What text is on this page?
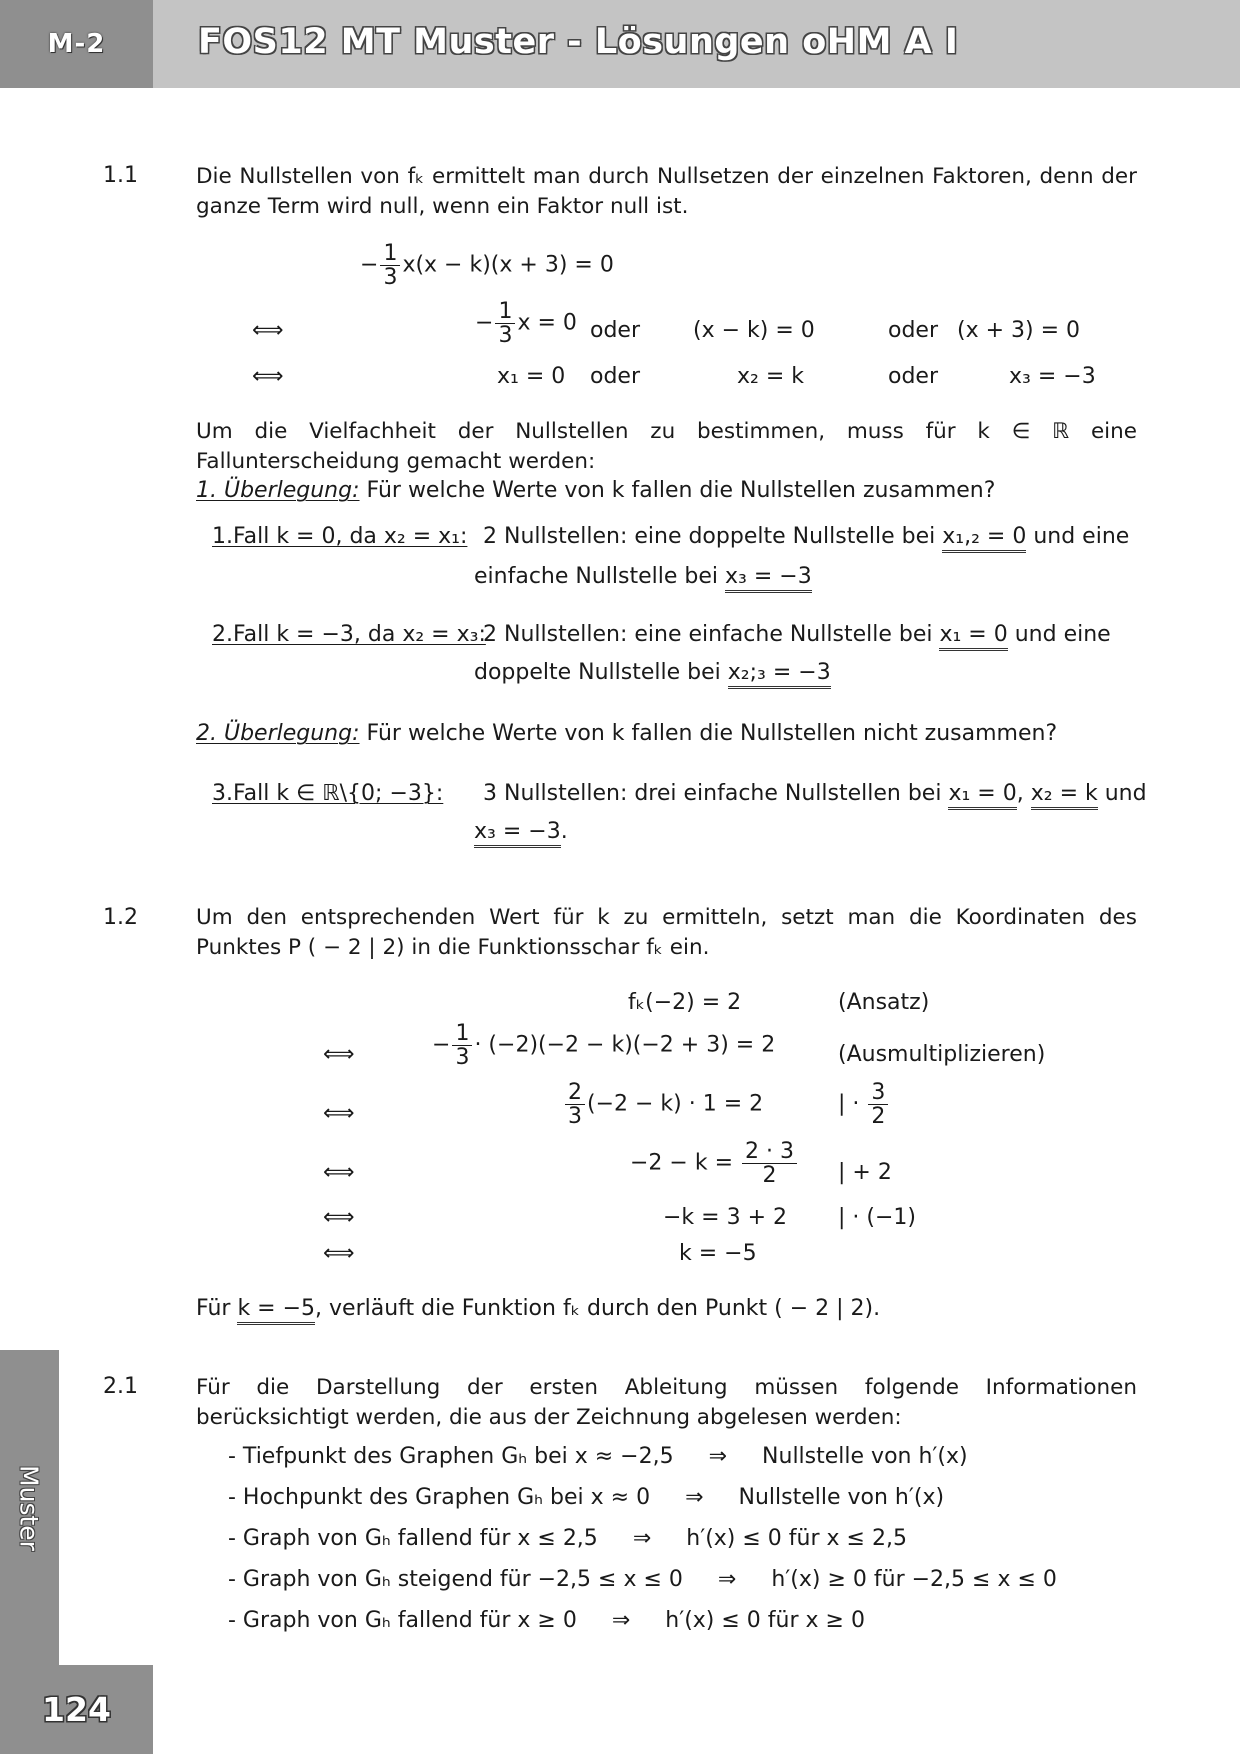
M-2	FOS12 MT Muster - Lösungen oHM A I
Muster
124
1.1	Die Nullstellen von fₖ ermittelt man durch Nullsetzen der einzelnen Faktoren, denn der ganze Term wird null, wenn ein Faktor null ist.
− $\frac{1}{3} x(x - k)(x + 3) = 0$
⟺	− $\frac{1}{3}$ x = 0 oder (x − k) = 0	oder (x + 3) = 0
⟺	x₁ = 0 oder	x₂ = k	oder	x₃ = −3
Um die Vielfachheit der Nullstellen zu bestimmen, muss für k ∈ ℝ eine Fallunterscheidung gemacht werden:
1. Überlegung: Für welche Werte von k fallen die Nullstellen zusammen?
1.Fall k = 0, da x₂ = x₁: 2 Nullstellen: eine doppelte Nullstelle bei x₁,₂ = 0 und eine
einfache Nullstelle bei x₃ = −3
2.Fall k = −3, da x₂ = x₃:
2 Nullstellen: eine einfache Nullstelle bei x₁ = 0 und eine
doppelte Nullstelle bei x₂;₃ = −3
2. Überlegung: Für welche Werte von k fallen die Nullstellen nicht zusammen?
3.Fall k ∈ ℝ\{0; −3}: 3 Nullstellen: drei einfache Nullstellen bei x₁ = 0, x₂ = k und
x₃ = −3.
1.2	Um den entsprechenden Wert für k zu ermitteln, setzt man die Koordinaten des Punktes P ( − 2 | 2) in die Funktionsschar fₖ ein.
fₖ(−2) = 2	(Ansatz)
⟺	− $\frac{1}{3} \cdot (-2)(-2 - k)(-2 + 3) = 2$	(Ausmultiplizieren)
⟺	$\frac{2}{3} (-2 - k) \cdot 1 = 2$	| · $\frac{3}{2}$
⟺	$-2 - k = \frac{2 \cdot 3}{2}$ | + 2
⟺	−k = 3 + 2 | · (−1)
⟺	k = −5
Für k = −5, verläuft die Funktion fₖ durch den Punkt ( − 2 | 2).
2.1	Für die Darstellung der ersten Ableitung müssen folgende Informationen berücksichtigt werden, die aus der Zeichnung abgelesen werden:
- Tiefpunkt des Graphen Gₕ bei x ≈ −2,5 ⇒ Nullstelle von h′(x)
- Hochpunkt des Graphen Gₕ bei x ≈ 0 ⇒ Nullstelle von h′(x)
- Graph von Gₕ fallend für x ≤ 2,5 ⇒ h′(x) ≤ 0 für x ≤ 2,5
- Graph von Gₕ steigend für −2,5 ≤ x ≤ 0 ⇒ h′(x) ≥ 0 für −2,5 ≤ x ≤ 0
- Graph von Gₕ fallend für x ≥ 0 ⇒ h′(x) ≤ 0 für x ≥ 0
